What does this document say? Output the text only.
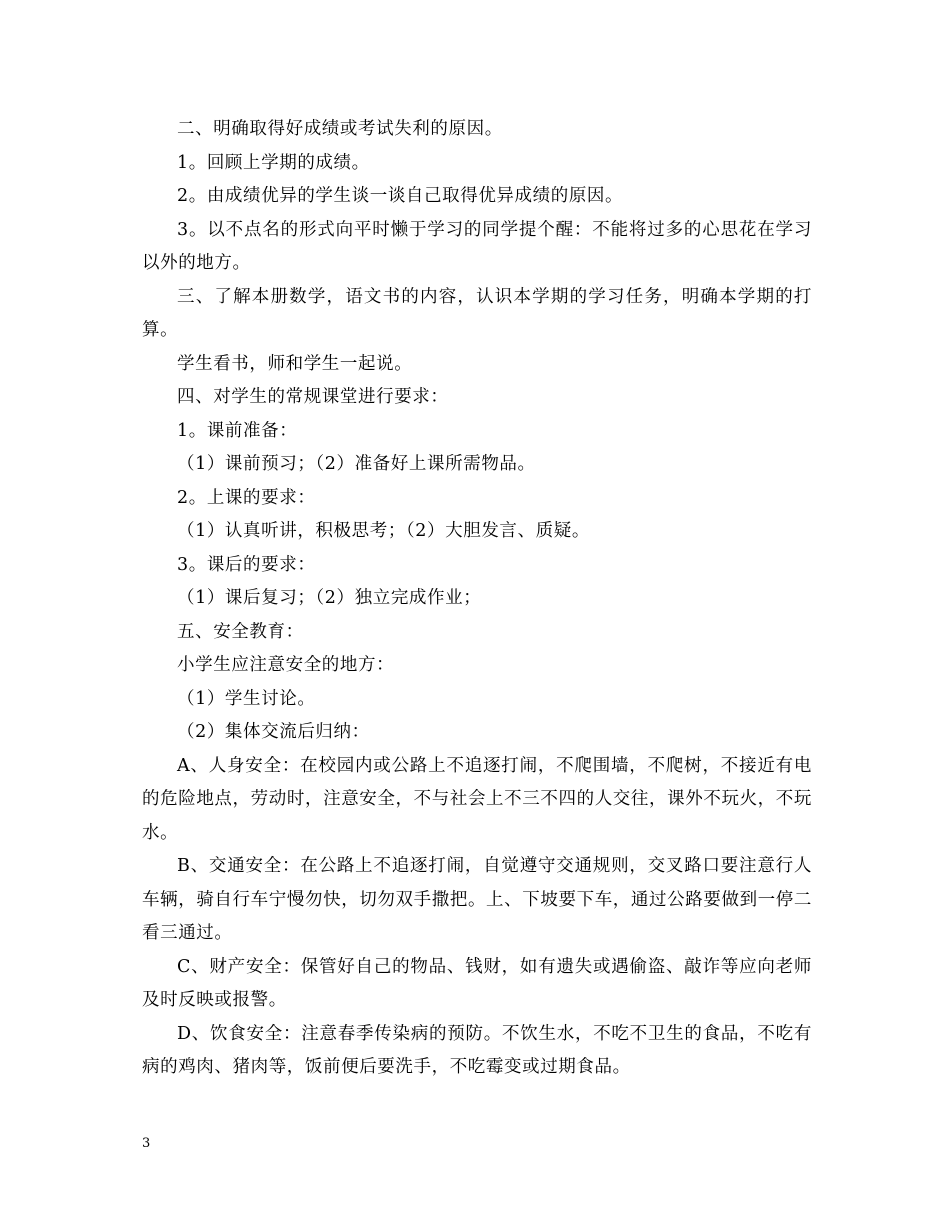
二、明确取得好成绩或考试失利的原因。

1。回顾上学期的成绩。

2。由成绩优异的学生谈一谈自己取得优异成绩的原因。

3。以不点名的形式向平时懒于学习的同学提个醒：不能将过多的心思花在学习以外的地方。

三、了解本册数学，语文书的内容，认识本学期的学习任务，明确本学期的打算。

学生看书，师和学生一起说。

四、对学生的常规课堂进行要求：

1。课前准备：

（1）课前预习；（2）准备好上课所需物品。

2。上课的要求：

（1）认真听讲，积极思考；（2）大胆发言、质疑。

3。课后的要求：

（1）课后复习；（2）独立完成作业；

五、安全教育：

小学生应注意安全的地方：

（1）学生讨论。

（2）集体交流后归纳：

A、人身安全：在校园内或公路上不追逐打闹，不爬围墙，不爬树，不接近有电的危险地点，劳动时，注意安全，不与社会上不三不四的人交往，课外不玩火，不玩水。

B、交通安全：在公路上不追逐打闹，自觉遵守交通规则，交叉路口要注意行人车辆，骑自行车宁慢勿快，切勿双手撒把。上、下坡要下车，通过公路要做到一停二看三通过。

C、财产安全：保管好自己的物品、钱财，如有遗失或遇偷盗、敲诈等应向老师及时反映或报警。

D、饮食安全：注意春季传染病的预防。不饮生水，不吃不卫生的食品，不吃有病的鸡肉、猪肉等，饭前便后要洗手，不吃霉变或过期食品。

3
